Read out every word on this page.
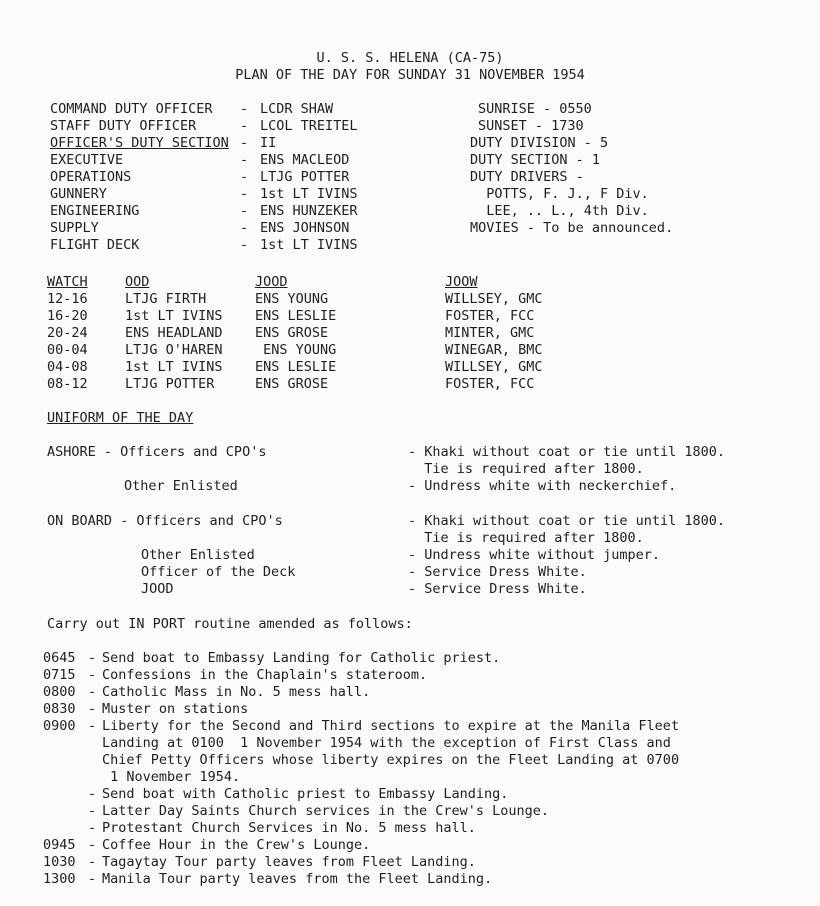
U. S. S. HELENA (CA-75)
PLAN OF THE DAY FOR SUNDAY 31 NOVEMBER 1954
COMMAND DUTY OFFICER	- LCDR SHAW
STAFF DUTY OFFICER	- LCOL TREITEL
OFFICER'S DUTY SECTION - II
EXECUTIVE	- ENS MACLEOD
OPERATIONS	- LTJG POTTER
GUNNERY	- 1st LT IVINS
ENGINEERING	- ENS HUNZEKER
SUPPLY	- ENS JOHNSON
FLIGHT DECK	- 1st LT IVINS
SUNRISE - 0550
SUNSET - 1730
DUTY DIVISION - 5
DUTY SECTION - 1
DUTY DRIVERS -
POTTS, F. J., F Div.
LEE, .. L., 4th Div.
MOVIES - To be announced.
WATCH	OOD	JOOD	JOOW
12-16	LTJG FIRTH	ENS YOUNG	WILLSEY, GMC
16-20	1st LT IVINS	ENS LESLIE	FOSTER, FCC
20-24	ENS HEADLAND	ENS GROSE	MINTER, GMC
00-04	LTJG O'HAREN	ENS YOUNG	WINEGAR, BMC
04-08	1st LT IVINS	ENS LESLIE	WILLSEY, GMC
08-12	LTJG POTTER	ENS GROSE	FOSTER, FCC
UNIFORM OF THE DAY
ASHORE - Officers and CPO's	- Khaki without coat or tie until 1800.
Tie is required after 1800.
Other Enlisted	- Undress white with neckerchief.
ON BOARD - Officers and CPO's	- Khaki without coat or tie until 1800.
Tie is required after 1800.
Other Enlisted	- Undress white without jumper.
Officer of the Deck	- Service Dress White.
JOOD	- Service Dress White.
Carry out IN PORT routine amended as follows:
0645 - Send boat to Embassy Landing for Catholic priest.
0715 - Confessions in the Chaplain's stateroom.
0800 - Catholic Mass in No. 5 mess hall.
0830 - Muster on stations
0900 - Liberty for the Second and Third sections to expire at the Manila Fleet
Landing at 0100  1 November 1954 with the exception of First Class and
Chief Petty Officers whose liberty expires on the Fleet Landing at 0700
1 November 1954.
- Send boat with Catholic priest to Embassy Landing.
- Latter Day Saints Church services in the Crew's Lounge.
- Protestant Church Services in No. 5 mess hall.
0945 - Coffee Hour in the Crew's Lounge.
1030 - Tagaytay Tour party leaves from Fleet Landing.
1300 - Manila Tour party leaves from the Fleet Landing.
